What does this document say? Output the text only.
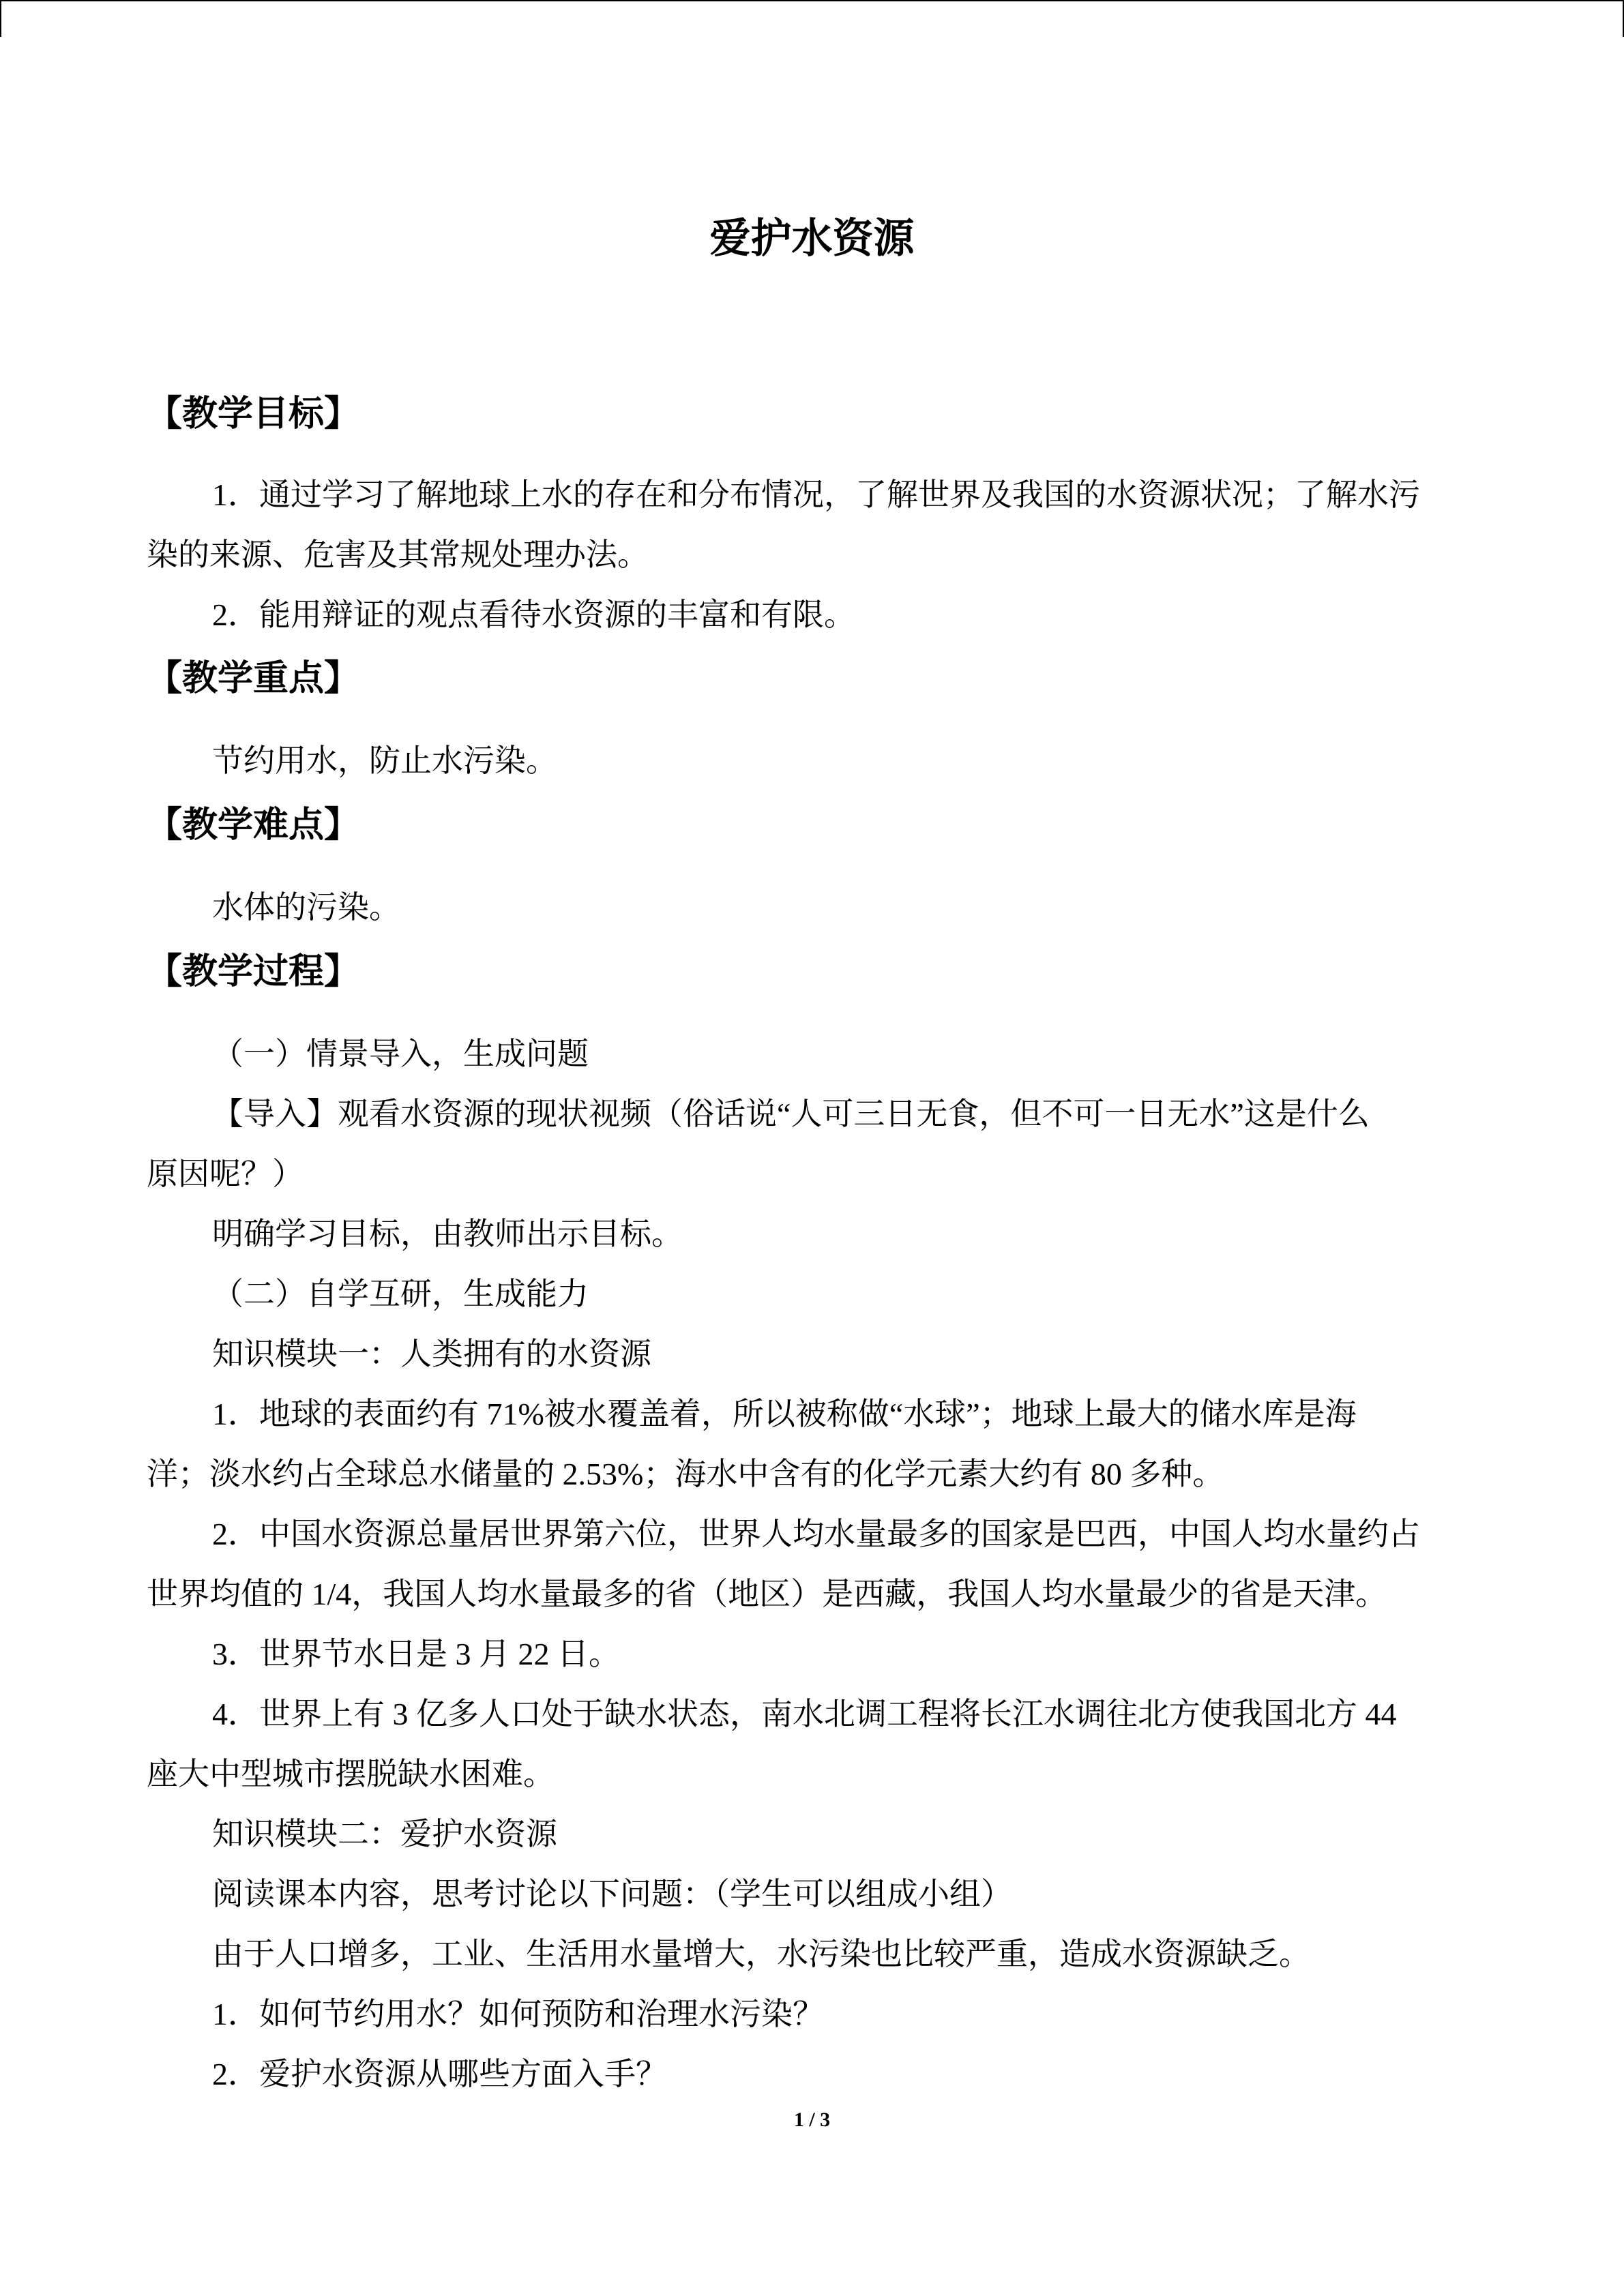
爱护水资源
【教学目标】
1．通过学习了解地球上水的存在和分布情况，了解世界及我国的水资源状况；了解水污
染的来源、危害及其常规处理办法。
2．能用辩证的观点看待水资源的丰富和有限。
【教学重点】
节约用水，防止水污染。
【教学难点】
水体的污染。
【教学过程】
（一）情景导入，生成问题
【导入】观看水资源的现状视频（俗话说“人可三日无食，但不可一日无水”这是什么
原因呢？）
明确学习目标，由教师出示目标。
（二）自学互研，生成能力
知识模块一：人类拥有的水资源
1．地球的表面约有 71%被水覆盖着，所以被称做“水球”；地球上最大的储水库是海
洋；淡水约占全球总水储量的 2.53%；海水中含有的化学元素大约有 80 多种。
2．中国水资源总量居世界第六位，世界人均水量最多的国家是巴西，中国人均水量约占
世界均值的 1/4，我国人均水量最多的省（地区）是西藏，我国人均水量最少的省是天津。
3．世界节水日是 3 月 22 日。
4．世界上有 3 亿多人口处于缺水状态，南水北调工程将长江水调往北方使我国北方 44
座大中型城市摆脱缺水困难。
知识模块二：爱护水资源
阅读课本内容，思考讨论以下问题：（学生可以组成小组）
由于人口增多，工业、生活用水量增大，水污染也比较严重，造成水资源缺乏。
1．如何节约用水？如何预防和治理水污染？
2．爱护水资源从哪些方面入手？
1 / 3
